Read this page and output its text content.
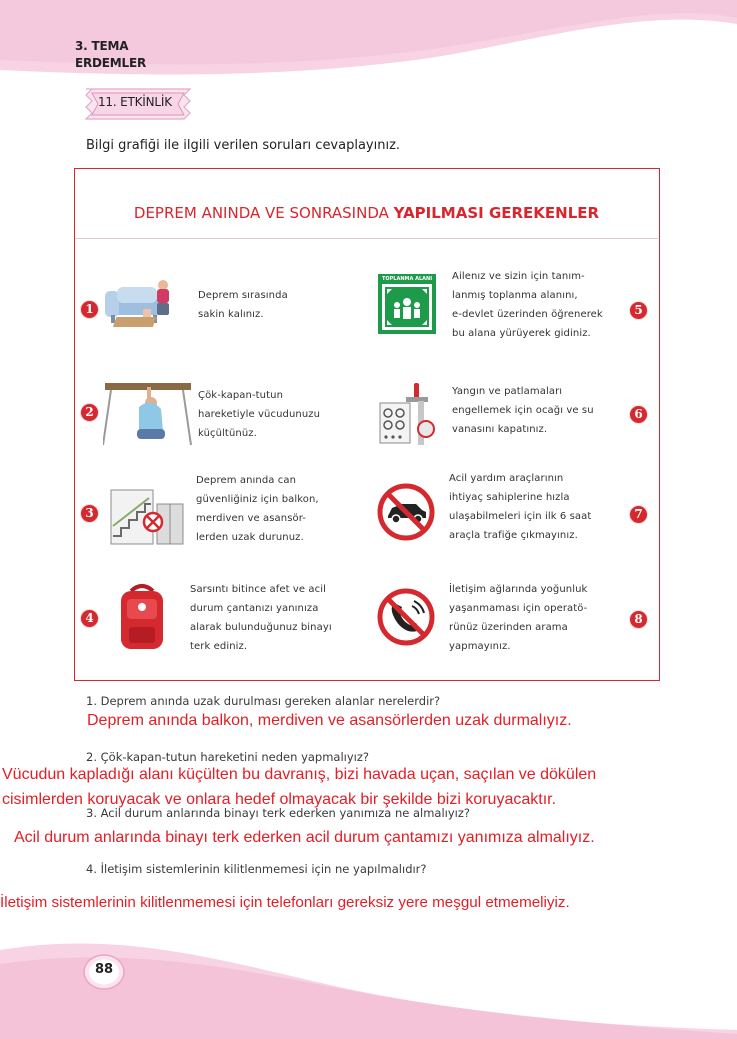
3. TEMA
ERDEMLER
11. ETKİNLİK
Bilgi grafiği ile ilgili verilen soruları cevaplayınız.
DEPREM ANINDA VE SONRASINDA YAPILMASI GEREKENLER
1
Deprem sırasında
sakin kalınız.
2
Çök-kapan-tutun
hareketiyle vücudunuzu
küçültünüz.
3
Deprem anında can
güvenliğiniz için balkon,
merdiven ve asansör-
lerden uzak durunuz.
4
Sarsıntı bitince afet ve acil
durum çantanızı yanınıza
alarak bulunduğunuz binayı
terk ediniz.
5
TOPLANMA ALANI	Ailenız ve sizin için tanım-
lanmış toplanma alanını,
e-devlet üzerinden öğrenerek
bu alana yürüyerek gidiniz.
6
Yangın ve patlamaları
engellemek için ocağı ve su
vanasını kapatınız.
7
Acil yardım araçlarının
ihtiyaç sahiplerine hızla
ulaşabilmeleri için ilk 6 saat
araçla trafiğe çıkmayınız.
8
İletişim ağlarında yoğunluk
yaşanmaması için operatö-
rünüz üzerinden arama
yapmayınız.
1. Deprem anında uzak durulması gereken alanlar nerelerdir?
2. Çök-kapan-tutun hareketini neden yapmalıyız?
3. Acil durum anlarında binayı terk ederken yanımıza ne almalıyız?
4. İletişim sistemlerinin kilitlenmemesi için ne yapılmalıdır?
Deprem anında balkon, merdiven ve asansörlerden uzak durmalıyız.
Vücudun kapladığı alanı küçülten bu davranış, bizi havada uçan, saçılan ve dökülen
cisimlerden koruyacak ve onlara hedef olmayacak bir şekilde bizi koruyacaktır.
Acil durum anlarında binayı terk ederken acil durum çantamızı yanımıza almalıyız.
İletişim sistemlerinin kilitlenmemesi için telefonları gereksiz yere meşgul etmemeliyiz.
88
